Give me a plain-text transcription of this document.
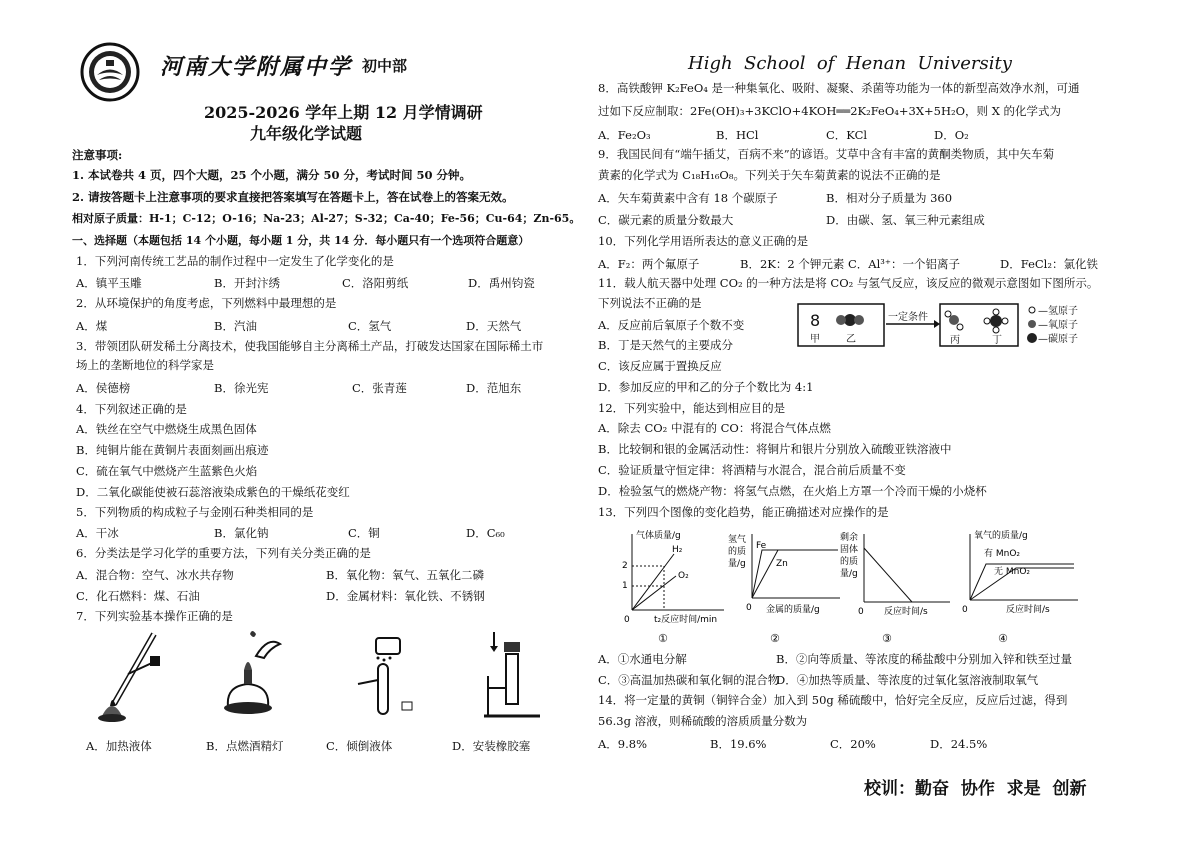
河南大学附属中学 初中部	High  School  of  Henan  University
2025-2026 学年上期 12 月学情调研
九年级化学试题
注意事项:
1. 本试卷共 4 页，四个大题，25 个小题，满分 50 分，考试时间 50 分钟。
2. 请按答题卡上注意事项的要求直接把答案填写在答题卡上，答在试卷上的答案无效。
相对原子质量：H-1；C-12；O-16；Na-23；Al-27；S-32；Ca-40；Fe-56；Cu-64；Zn-65。
一、选择题（本题包括 14 个小题，每小题 1 分，共 14 分．每小题只有一个选项符合题意）
1．下列河南传统工艺品的制作过程中一定发生了化学变化的是
A．镇平玉雕	B．开封汴绣	C．洛阳剪纸	D．禹州钧瓷
2．从环境保护的角度考虑，下列燃料中最理想的是
A．煤	B．汽油	C．氢气	D．天然气
3．带领团队研发稀土分离技术，使我国能够自主分离稀土产品，打破发达国家在国际稀土市
场上的垄断地位的科学家是
A．侯德榜	B．徐光宪	C．张青莲	D．范旭东
4．下列叙述正确的是
A．铁丝在空气中燃烧生成黑色固体
B．纯铜片能在黄铜片表面刻画出痕迹
C．硫在氧气中燃烧产生蓝紫色火焰
D．二氧化碳能使被石蕊溶液染成紫色的干燥纸花变红
5．下列物质的构成粒子与金刚石种类相同的是
A．干冰	B．氯化钠	C．铜	D．C₆₀
6．分类法是学习化学的重要方法，下列有关分类正确的是
A．混合物：空气、冰水共存物	B．氧化物：氧气、五氧化二磷
C．化石燃料：煤、石油	D．金属材料：氧化铁、不锈钢
7．下列实验基本操作正确的是
A．加热液体	B．点燃酒精灯	C．倾倒液体	D．安装橡胶塞
8．高铁酸钾 K₂FeO₄ 是一种集氧化、吸附、凝聚、杀菌等功能为一体的新型高效净水剂，可通
过如下反应制取：2Fe(OH)₃+3KClO+4KOH══2K₂FeO₄+3X+5H₂O，则 X 的化学式为
A．Fe₂O₃	B．HCl	C．KCl	D．O₂
9．我国民间有“端午插艾，百病不来”的谚语。艾草中含有丰富的黄酮类物质，其中矢车菊
黄素的化学式为 C₁₈H₁₆O₈。下列关于矢车菊黄素的说法不正确的是
A．矢车菊黄素中含有 18 个碳原子	B．相对分子质量为 360
C．碳元素的质量分数最大	D．由碳、氢、氧三种元素组成
10．下列化学用语所表达的意义正确的是
A．F₂：两个氟原子	B．2K：2 个钾元素 C．Al³⁺：一个铝离子	D．FeCl₂：氯化铁
11．载人航天器中处理 CO₂ 的一种方法是将 CO₂ 与氢气反应，该反应的微观示意图如下图所示。
下列说法不正确的是
A．反应前后氧原子个数不变
B．丁是天然气的主要成分
C．该反应属于置换反应
D．参加反应的甲和乙的分子个数比为 4:1
8
甲	乙
一定条件
丙	丁
—氢原子
—氧原子
—碳原子
12．下列实验中，能达到相应目的是
A．除去 CO₂ 中混有的 CO：将混合气体点燃
B．比较铜和银的金属活动性：将铜片和银片分别放入硫酸亚铁溶液中
C．验证质量守恒定律：将酒精与水混合，混合前后质量不变
D．检验氢气的燃烧产物：将氢气点燃，在火焰上方罩一个冷而干燥的小烧杯
13．下列四个图像的变化趋势，能正确描述对应操作的是
气体质量/g
2
1
H₂
O₂
0	t₂反应时间/min
①
氢气
的质
量/g
Fe
Zn
0 金属的质量/g
②
剩余
固体
的质
量/g
0 反应时间/s
③
氧气的质量/g
有 MnO₂
无 MnO₂
0	反应时间/s
④
A．①水通电分解	B．②向等质量、等浓度的稀盐酸中分别加入锌和铁至过量
C．③高温加热碳和氧化铜的混合物
D．④加热等质量、等浓度的过氧化氢溶液制取氧气
14．将一定量的黄铜（铜锌合金）加入到 50g 稀硫酸中，恰好完全反应，反应后过滤，得到
56.3g 溶液，则稀硫酸的溶质质量分数为
A．9.8%	B．19.6%	C．20%	D．24.5%
校训：勤奋  协作  求是  创新
